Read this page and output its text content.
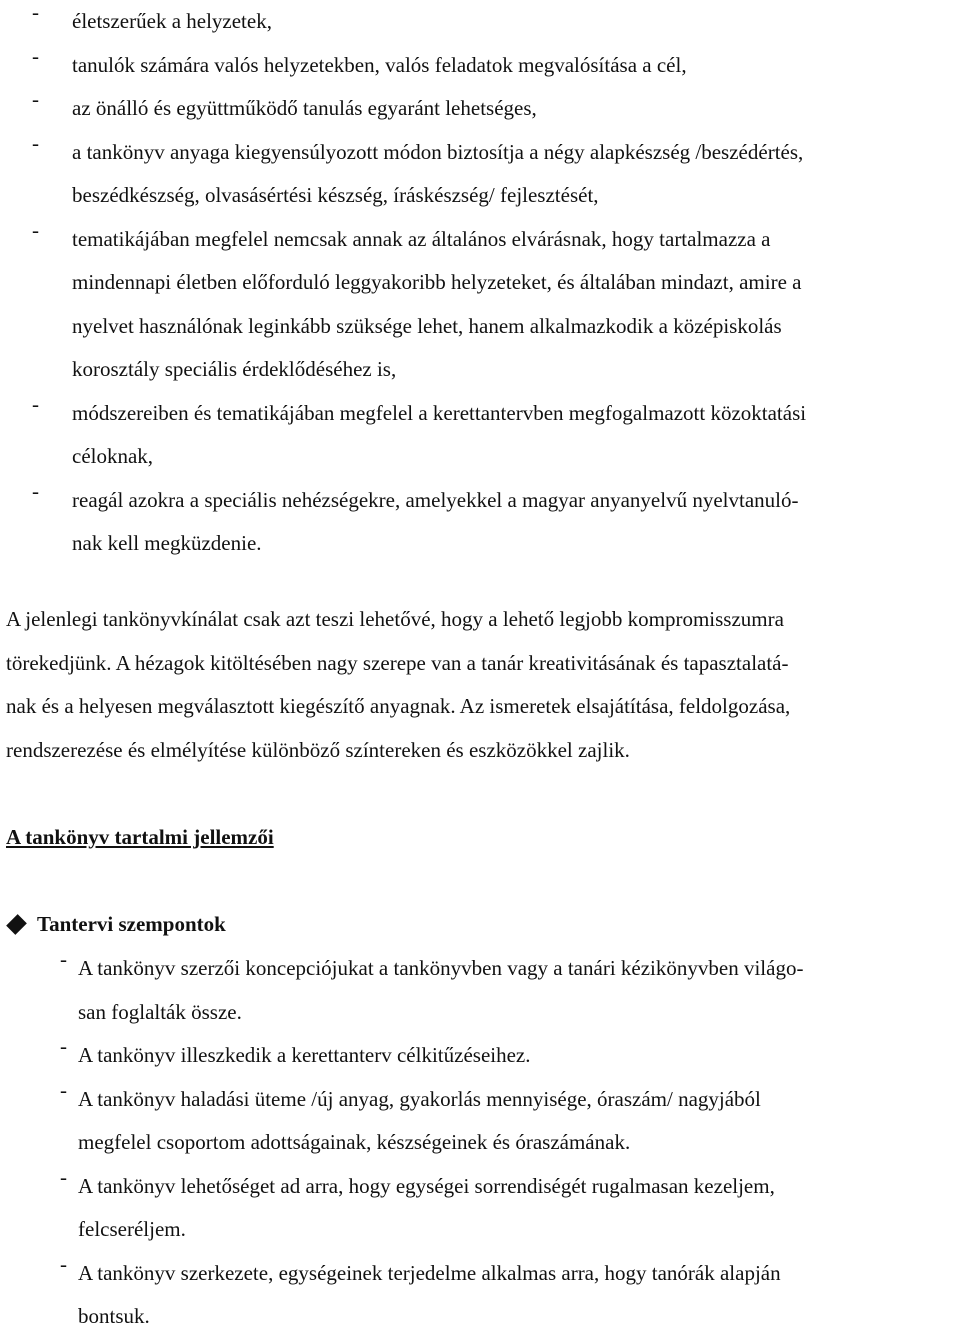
- életszerűek a helyzetek,
- tanulók számára valós helyzetekben, valós feladatok megvalósítása a cél,
- az önálló és együttműködő tanulás egyaránt lehetséges,
- a tankönyv anyaga kiegyensúlyozott módon biztosítja a négy alapkészség /beszédértés,
beszédkészség, olvasásértési készség, íráskészség/ fejlesztését,
- tematikájában megfelel nemcsak annak az általános elvárásnak, hogy tartalmazza a
mindennapi életben előforduló leggyakoribb helyzeteket, és általában mindazt, amire a
nyelvet használónak leginkább szüksége lehet, hanem alkalmazkodik a középiskolás
korosztály speciális érdeklődéséhez is,
- módszereiben és tematikájában megfelel a kerettantervben megfogalmazott közoktatási
céloknak,
- reagál azokra a speciális nehézségekre, amelyekkel a magyar anyanyelvű nyelvtanuló-
nak kell megküzdenie.
A jelenlegi tankönyvkínálat csak azt teszi lehetővé, hogy a lehető legjobb kompromisszumra
törekedjünk. A hézagok kitöltésében nagy szerepe van a tanár kreativitásának és tapasztalatá-
nak és a helyesen megválasztott kiegészítő anyagnak. Az ismeretek elsajátítása, feldolgozása,
rendszerezése és elmélyítése különböző színtereken és eszközökkel zajlik.
A tankönyv tartalmi jellemzői
Tantervi szempontok
- A tankönyv szerzői koncepciójukat a tankönyvben vagy a tanári kézikönyvben világo-
san foglalták össze.
- A tankönyv illeszkedik a kerettanterv célkitűzéseihez.
- A tankönyv haladási üteme /új anyag, gyakorlás mennyisége, óraszám/ nagyjából
megfelel csoportom adottságainak, készségeinek és óraszámának.
- A tankönyv lehetőséget ad arra, hogy egységei sorrendiségét rugalmasan kezeljem,
felcseréljem.
- A tankönyv szerkezete, egységeinek terjedelme alkalmas arra, hogy tanórák alapján
bontsuk.
